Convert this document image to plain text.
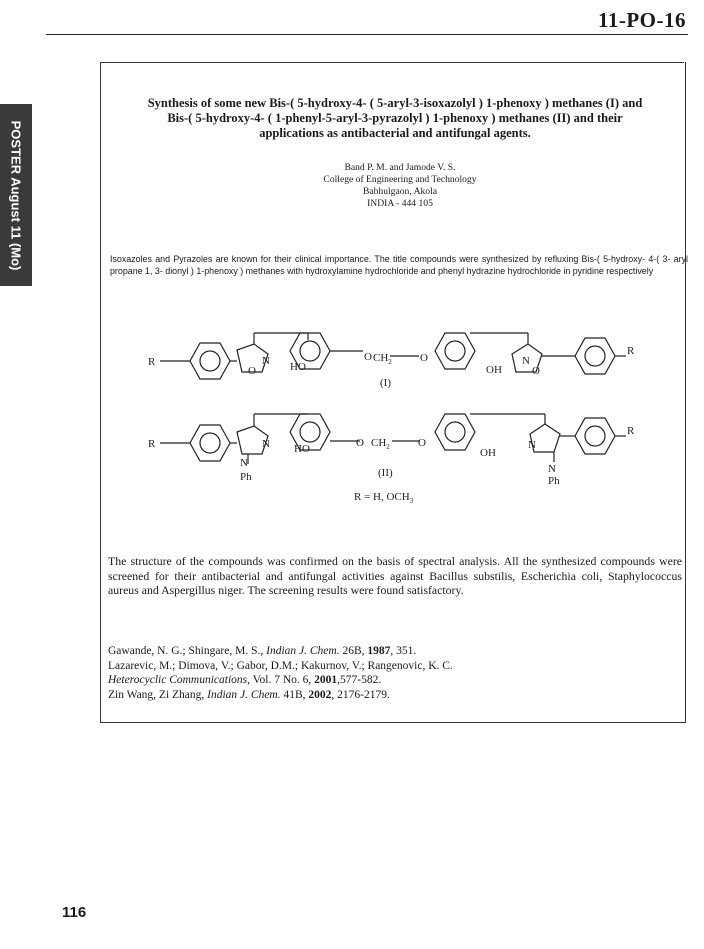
11-PO-16
POSTER August 11 (Mo)
Synthesis of some new Bis-( 5-hydroxy-4- ( 5-aryl-3-isoxazolyl ) 1-phenoxy ) methanes (I) and
Bis-( 5-hydroxy-4- ( 1-phenyl-5-aryl-3-pyrazolyl ) 1-phenoxy ) methanes (II) and their
applications as antibacterial and antifungal agents.
Band P. M. and Jamode V. S.
College of Engineering and Technology
Babhulgaon, Akola
INDIA - 444 105

Isoxazoles and Pyrazoles are known for their clinical importance. The title compounds were synthesized by refluxing Bis-( 5-hydroxy- 4-( 3- aryl propane 1, 3- dionyl ) 1-phenoxy ) methanes with hydroxylamine hydrochloride and phenyl hydrazine hydrochloride in pyridine respectively

R
O
N HO
O $CH_2$	O
OH
N
O
R
(I)
R
N
N
Ph
HO	O $CH_2$	O
OH
N
N
Ph
R
(II)
R = H, $OCH_3$

The structure of the compounds was confirmed on the basis of spectral analysis. All the synthesized compounds were screened for their antibacterial and antifungal activities against Bacillus substilis, Escherichia coli, Staphylococcus aureus and Aspergillus niger. The screening results were found satisfactory.

Gawande, N. G.; Shingare, M. S., Indian J. Chem. 26B, 1987, 351.
Lazarevic, M.; Dimova, V.; Gabor, D.M.; Kakurnov, V.; Rangenovic, K. C.
Heterocyclic Communications, Vol. 7 No. 6, 2001,577-582.
Zin Wang, Zi Zhang, Indian J. Chem. 41B, 2002, 2176-2179.
116
